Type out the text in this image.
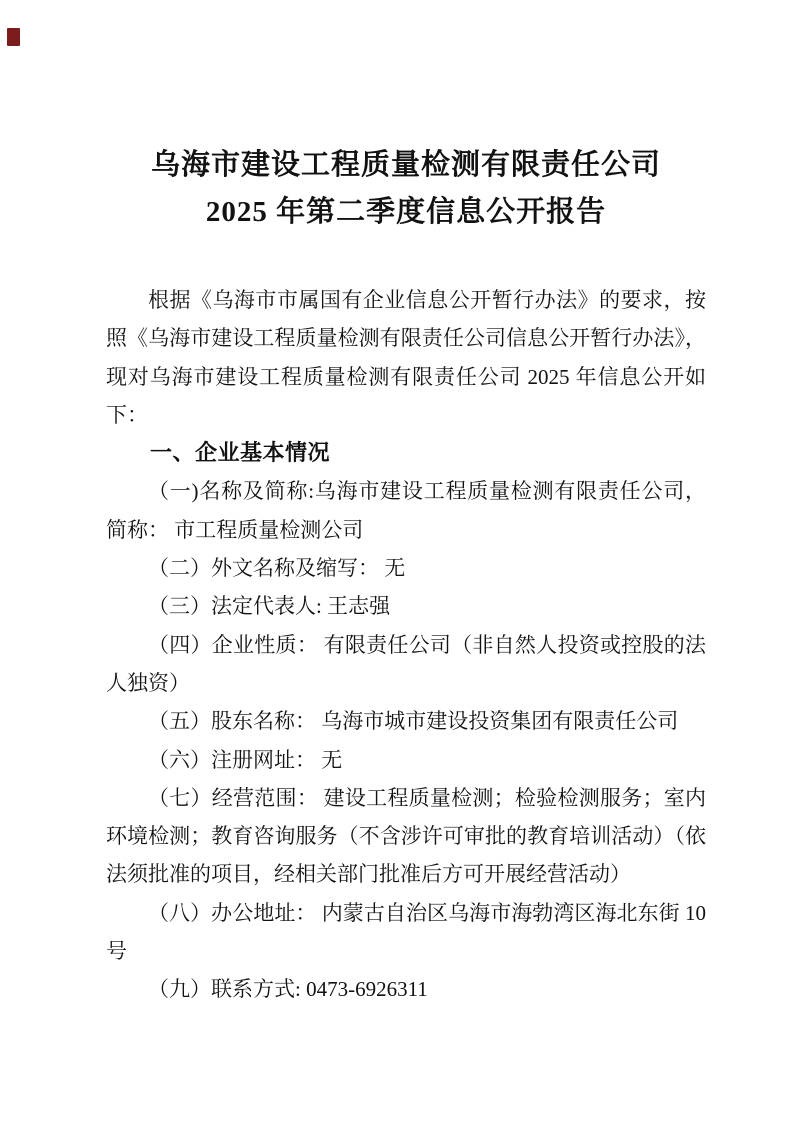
乌海市建设工程质量检测有限责任公司
2025 年第二季度信息公开报告

根据《乌海市市属国有企业信息公开暂行办法》的要求，按照《乌海市建设工程质量检测有限责任公司信息公开暂行办法》，现对乌海市建设工程质量检测有限责任公司 2025 年信息公开如下：

一、企业基本情况

（一)名称及简称:乌海市建设工程质量检测有限责任公司，简称： 市工程质量检测公司

（二）外文名称及缩写： 无

（三）法定代表人: 王志强

（四）企业性质： 有限责任公司（非自然人投资或控股的法人独资）

（五）股东名称： 乌海市城市建设投资集团有限责任公司

（六）注册网址： 无

（七）经营范围： 建设工程质量检测；检验检测服务；室内环境检测；教育咨询服务（不含涉许可审批的教育培训活动）（依法须批准的项目，经相关部门批准后方可开展经营活动）

（八）办公地址： 内蒙古自治区乌海市海勃湾区海北东街 10 号

（九）联系方式: 0473-6926311
